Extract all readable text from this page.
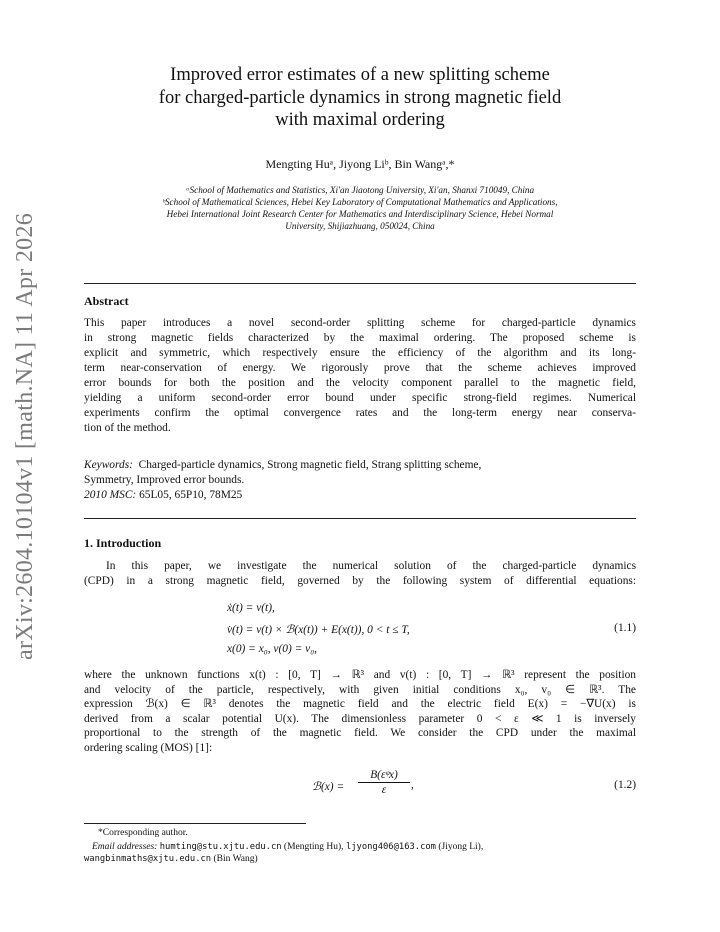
arXiv:2604.10104v1 [math.NA] 11 Apr 2026
Improved error estimates of a new splitting scheme
for charged-particle dynamics in strong magnetic field
with maximal ordering
Mengting Huᵃ, Jiyong Liᵇ, Bin Wangᵃ,*
ᵃSchool of Mathematics and Statistics, Xi'an Jiaotong University, Xi'an, Shanxi 710049, China
ᵇSchool of Mathematical Sciences, Hebei Key Laboratory of Computational Mathematics and Applications,
Hebei International Joint Research Center for Mathematics and Interdisciplinary Science, Hebei Normal
University, Shijiazhuang, 050024, China
Abstract
This paper introduces a novel second-order splitting scheme for charged-particle dynamics
in strong magnetic fields characterized by the maximal ordering. The proposed scheme is
explicit and symmetric, which respectively ensure the efficiency of the algorithm and its long-
term near-conservation of energy. We rigorously prove that the scheme achieves improved
error bounds for both the position and the velocity component parallel to the magnetic field,
yielding a uniform second-order error bound under specific strong-field regimes. Numerical
experiments confirm the optimal convergence rates and the long-term energy near conserva-
tion of the method.
Keywords: Charged-particle dynamics, Strong magnetic field, Strang splitting scheme,
Symmetry, Improved error bounds.
2010 MSC: 65L05, 65P10, 78M25
1. Introduction
In this paper, we investigate the numerical solution of the charged-particle dynamics
(CPD) in a strong magnetic field, governed by the following system of differential equations:
ẋ(t) = v(t),
v̇(t) = v(t) × ℬ(x(t)) + E(x(t)), 0 < t ≤ T,
x(0) = x₀, v(0) = v₀,
(1.1)
where the unknown functions x(t) : [0, T] → ℝ³ and v(t) : [0, T] → ℝ³ represent the position
and velocity of the particle, respectively, with given initial conditions x₀, v₀ ∈ ℝ³. The
expression ℬ(x) ∈ ℝ³ denotes the magnetic field and the electric field E(x) = −∇U(x) is
derived from a scalar potential U(x). The dimensionless parameter 0 < ε ≪ 1 is inversely
proportional to the strength of the magnetic field. We consider the CPD under the maximal
ordering scaling (MOS) [1]:
ℬ(x) =
B(εᵠx)
ε	,	(1.2)
*Corresponding author.
Email addresses: humting@stu.xjtu.edu.cn (Mengting Hu), ljyong406@163.com (Jiyong Li),
wangbinmaths@xjtu.edu.cn (Bin Wang)
